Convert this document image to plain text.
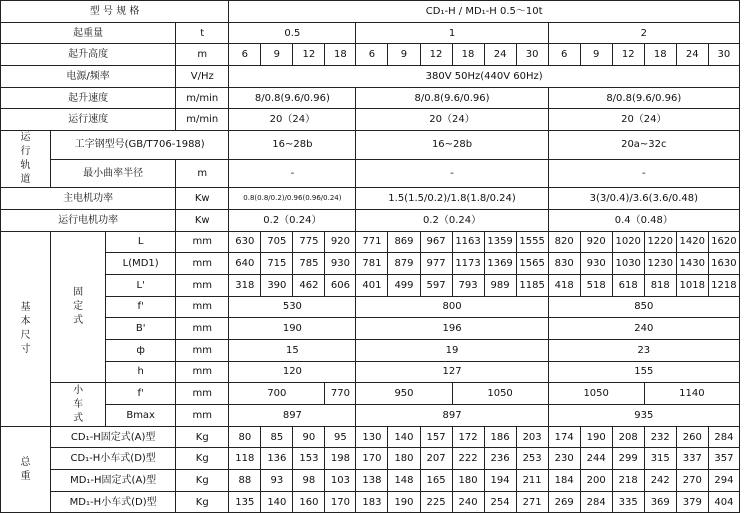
型 号 规 格				CD₁-H / MD₁-H 0.5～10t															
起重量			t	0.5				1						2					
起升高度			m	6	9	12	18	6	9	12	18	24	30	6	9	12	18	24	30
电源/频率			V/Hz	380V 50Hz(440V 60Hz)															
起升速度			m/min	8/0.8(9.6/0.96)				8/0.8(9.6/0.96)						8/0.8(9.6/0.96)					
运行速度			m/min	20（24）				20（24）						20（24）					
运行轨道	工字钢型号(GB/T706-1988)			16~28b				16~28b						20a~32c					
	最小曲率半径		m	-				-						-					
主电机功率			Kw	0.8(0.8/0.2)/0.96(0.96/0.24)				1.5(1.5/0.2)/1.8(1.8/0.24)						3(3/0.4)/3.6(3.6/0.48)					
运行电机功率			Kw	0.2（0.24）				0.2（0.24）						0.4（0.48）					
基本尺寸	固定式	L	mm	630	705	775	920	771	869	967	1163	1359	1555	820	920	1020	1220	1420	1620
		L(MD1)	mm	640	715	785	930	781	879	977	1173	1369	1565	830	930	1030	1230	1430	1630
		L'	mm	318	390	462	606	401	499	597	793	989	1185	418	518	618	818	1018	1218
		f'	mm	530				800						850					
		B'	mm	190				196						240					
		ф	mm	15				19						23					
		h	mm	120				127						155					
	小车式	f'	mm	700			770	950			1050			1050			1140		
		Bmax	mm	897				897						935					
总重	CD₁-H固定式(A)型		Kg	80	85	90	95	130	140	157	172	186	203	174	190	208	232	260	284
	CD₁-H小车式(D)型		Kg	118	136	153	198	170	180	207	222	236	253	230	244	299	315	337	357
	MD₁-H固定式(A)型		Kg	88	93	98	103	138	148	165	180	194	211	184	200	218	242	270	294
	MD₁-H小车式(D)型		Kg	135	140	160	170	183	190	225	240	254	271	269	284	335	369	379	404
